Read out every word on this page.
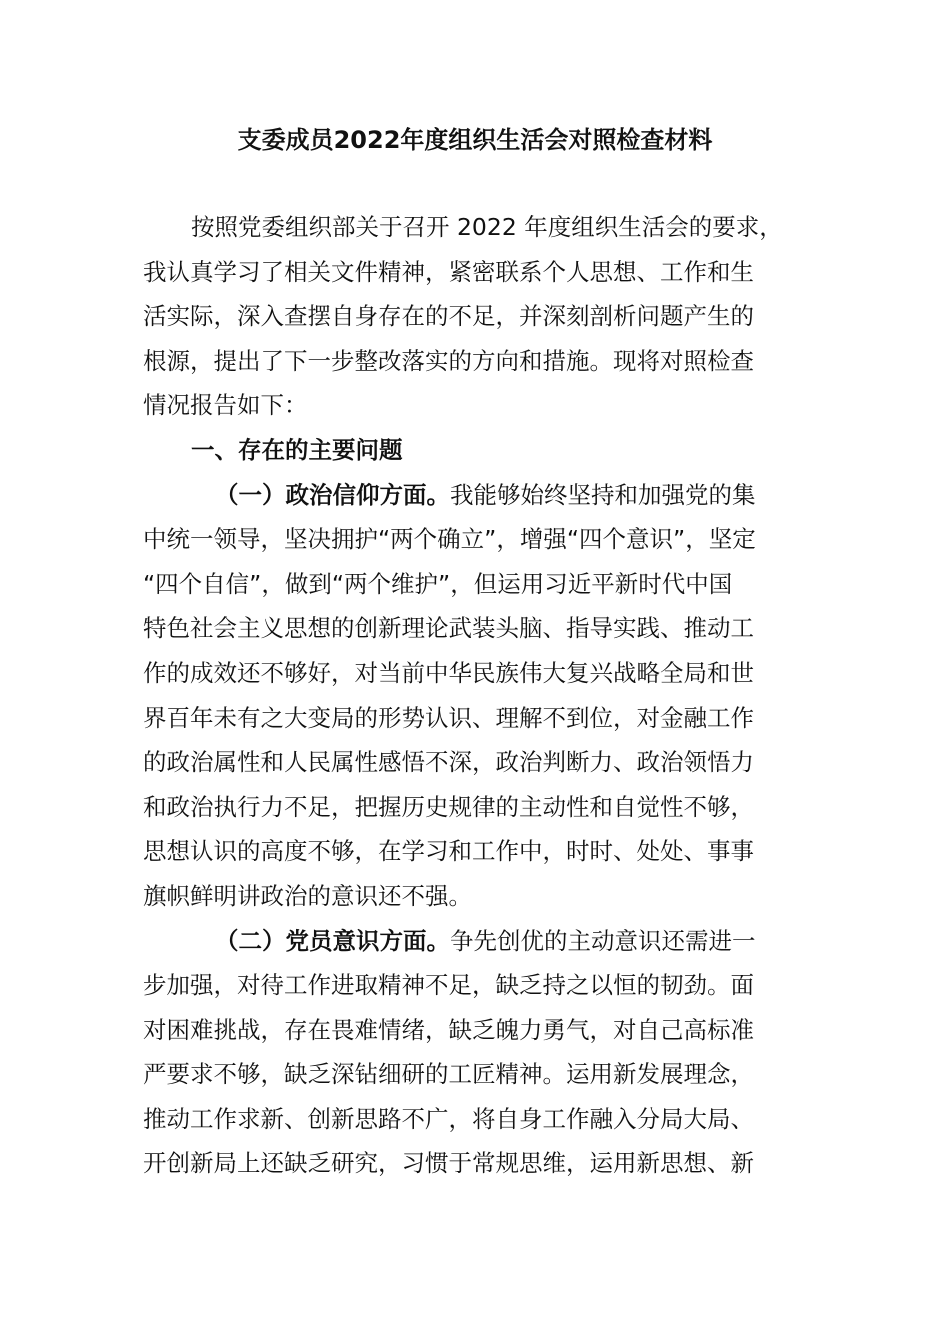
支委成员2022年度组织生活会对照检查材料
按照党委组织部关于召开 2022 年度组织生活会的要求，
我认真学习了相关文件精神，紧密联系个人思想、工作和生
活实际，深入查摆自身存在的不足，并深刻剖析问题产生的
根源，提出了下一步整改落实的方向和措施。现将对照检查
情况报告如下：
一、存在的主要问题
（一）政治信仰方面。我能够始终坚持和加强党的集
中统一领导，坚决拥护“两个确立”，增强“四个意识”，坚定
“四个自信”，做到“两个维护”，但运用习近平新时代中国
特色社会主义思想的创新理论武装头脑、指导实践、推动工
作的成效还不够好，对当前中华民族伟大复兴战略全局和世
界百年未有之大变局的形势认识、理解不到位，对金融工作
的政治属性和人民属性感悟不深，政治判断力、政治领悟力
和政治执行力不足，把握历史规律的主动性和自觉性不够，
思想认识的高度不够，在学习和工作中，时时、处处、事事
旗帜鲜明讲政治的意识还不强。
（二）党员意识方面。争先创优的主动意识还需进一
步加强，对待工作进取精神不足，缺乏持之以恒的韧劲。面
对困难挑战，存在畏难情绪，缺乏魄力勇气，对自己高标准
严要求不够，缺乏深钻细研的工匠精神。运用新发展理念，
推动工作求新、创新思路不广，将自身工作融入分局大局、
开创新局上还缺乏研究，习惯于常规思维，运用新思想、新
